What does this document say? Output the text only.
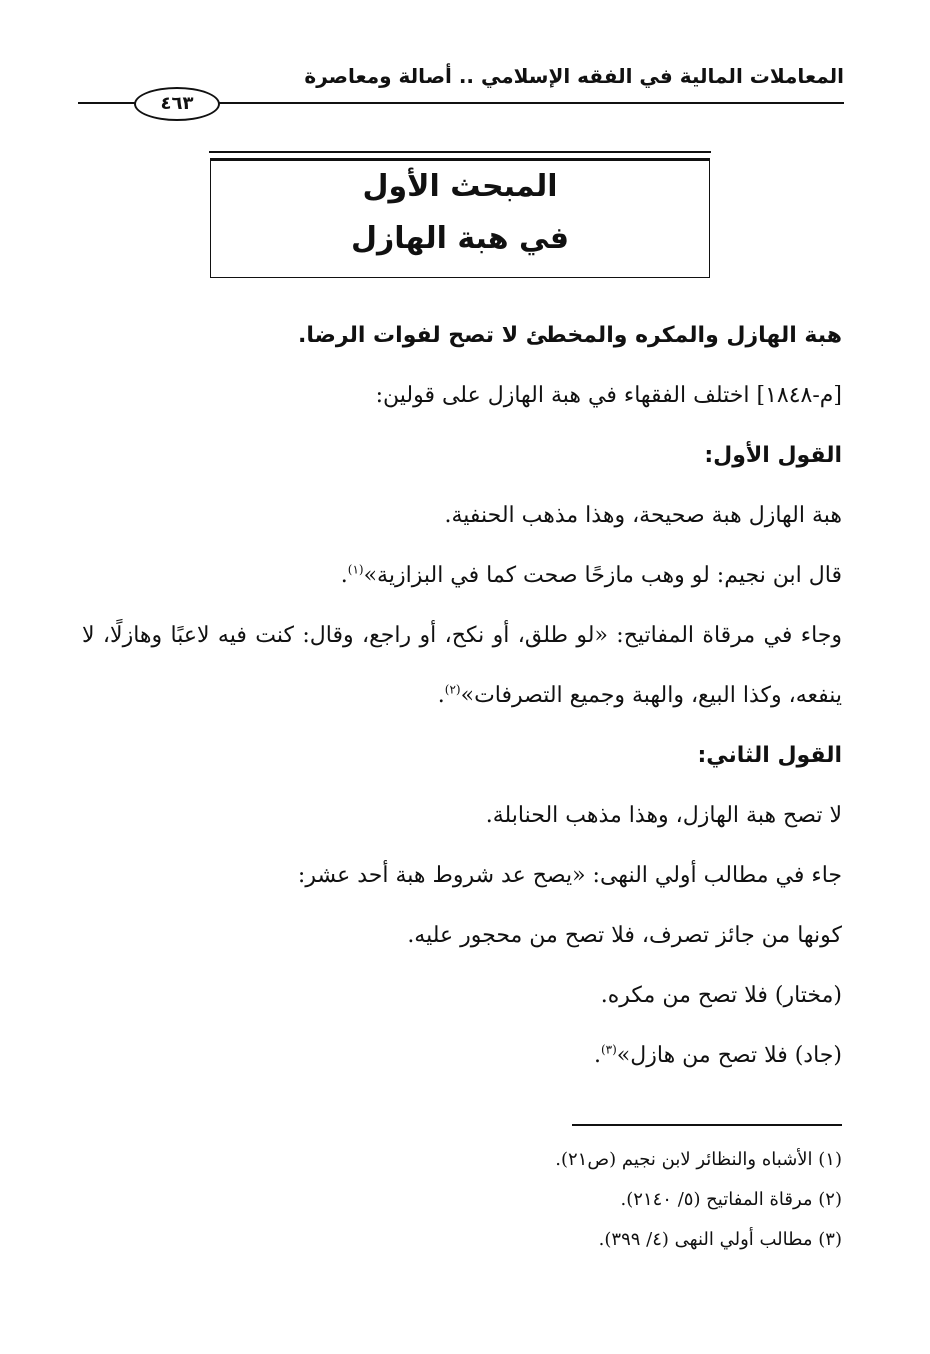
المعاملات المالية في الفقه الإسلامي .. أصالة ومعاصرة
٤٦٣
المبحث الأول
في هبة الهازل
هبة الهازل والمكره والمخطئ لا تصح لفوات الرضا.
[م-١٨٤٨] اختلف الفقهاء في هبة الهازل على قولين:
القول الأول:
هبة الهازل هبة صحيحة، وهذا مذهب الحنفية.
قال ابن نجيم: لو وهب مازحًا صحت كما في البزازية»$^{(١)}$.
وجاء في مرقاة المفاتيح: «لو طلق، أو نكح، أو راجع، وقال: كنت فيه لاعبًا وهازلًا، لا ينفعه، وكذا البيع، والهبة وجميع التصرفات»$^{(٢)}$.
القول الثاني:
لا تصح هبة الهازل، وهذا مذهب الحنابلة.
جاء في مطالب أولي النهى: «يصح عد شروط هبة أحد عشر:
كونها من جائز تصرف، فلا تصح من محجور عليه.
(مختار) فلا تصح من مكره.
(جاد) فلا تصح من هازل»$^{(٣)}$.
(١) الأشباه والنظائر لابن نجيم (ص٢١).
(٢) مرقاة المفاتيح (٥/ ٢١٤٠).
(٣) مطالب أولي النهى (٤/ ٣٩٩).
